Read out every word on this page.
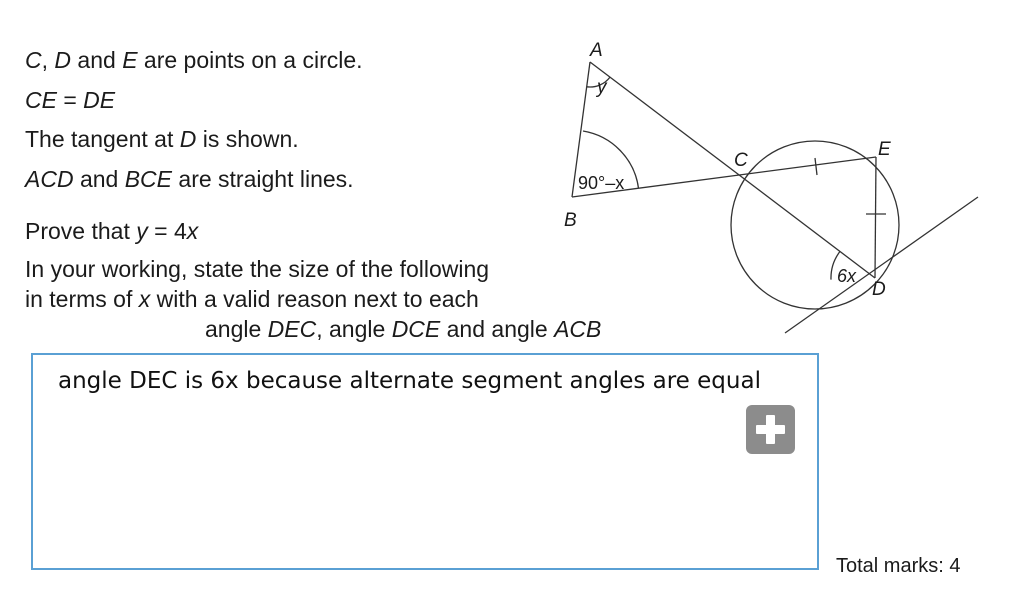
C, D and E are points on a circle.
CE = DE
The tangent at D is shown.
ACD and BCE are straight lines.
Prove that y = 4x
In your working, state the size of the following
in terms of x with a valid reason next to each
angle DEC, angle DCE and angle ACB
A
y
90°–x
B
C
E
6x
D
angle DEC is 6x because alternate segment angles are equal
Total marks: 4
